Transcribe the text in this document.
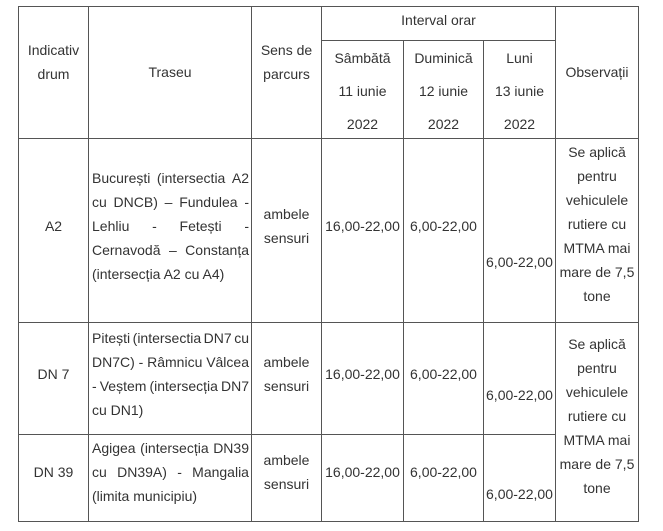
Indicativ
drum	Traseu
Sens de
parcurs
Interval orar
Sâmbătă
11 iunie
2022
Duminică
12 iunie
2022
Luni
13 iunie
2022
Observații
A2
București (intersectia A2
cu DNCB) – Fundulea -
Lehliu - Fetești -
Cernavodă – Constanța
(intersecția A2 cu A4)
ambele
sensuri
16,00-22,00 6,00-22,00
6,00-22,00
Se aplică
pentru
vehiculele
rutiere cu
MTMA mai
mare de 7,5
tone
DN 7
Pitești (intersectia DN7 cu
DN7C) - Râmnicu Vâlcea
- Veștem (intersecția DN7
cu DN1)
ambele
sensuri
16,00-22,00 6,00-22,00
6,00-22,00
Se aplică
pentru
vehiculele
rutiere cu
MTMA mai
mare de 7,5
tone
DN 39
Agigea (intersecția DN39
cu DN39A) - Mangalia
(limita municipiu)
ambele
sensuri
16,00-22,00 6,00-22,00
6,00-22,00
